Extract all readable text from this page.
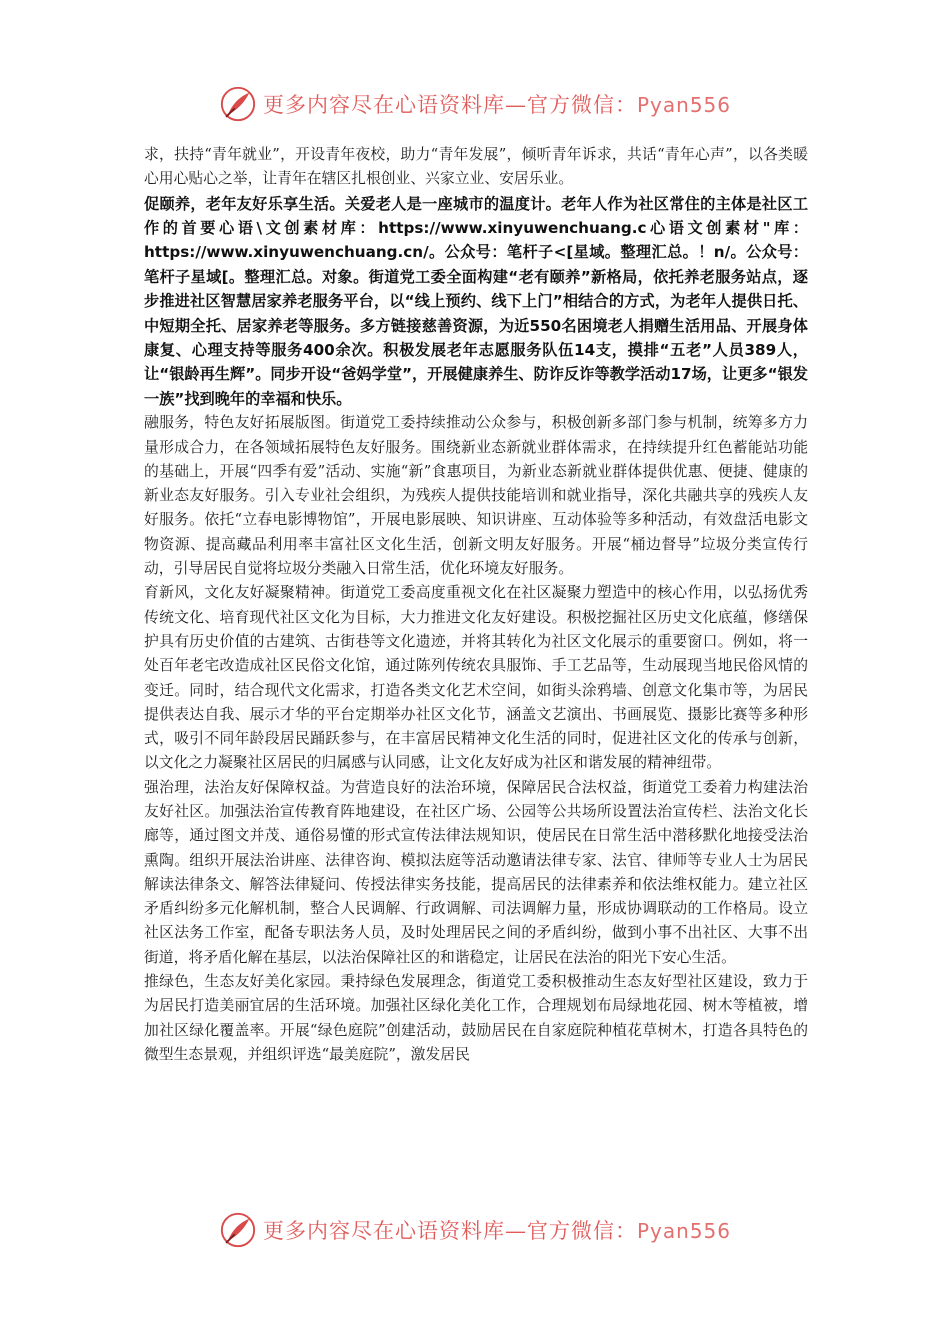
更多内容尽在心语资料库—官方微信：Pyan556

求，扶持“青年就业”，开设青年夜校，助力“青年发展”，倾听青年诉求，共话“青年心声”，以各类暖心用心贴心之举，让青年在辖区扎根创业、兴家立业、安居乐业。

促颐养，老年友好乐享生活。关爱老人是一座城市的温度计。老年人作为社区常住的主体是社区工作的首要心语\文创素材库：https://www.xinyuwenchuang.c心语文创素材"库：https://www.xinyuwenchuang.cn/。公众号：笔杆子<[星域。整理汇总。！n/。公众号：笔杆子星域[。整理汇总。对象。街道党工委全面构建“老有颐养”新格局，依托养老服务站点，逐步推进社区智慧居家养老服务平台，以“线上预约、线下上门”相结合的方式，为老年人提供日托、中短期全托、居家养老等服务。多方链接慈善资源，为近550名困境老人捐赠生活用品、开展身体康复、心理支持等服务400余次。积极发展老年志愿服务队伍14支，摸排“五老”人员389人，让“银龄再生辉”。同步开设“爸妈学堂”，开展健康养生、防诈反诈等教学活动17场，让更多“银发一族”找到晚年的幸福和快乐。

融服务，特色友好拓展版图。街道党工委持续推动公众参与，积极创新多部门参与机制，统筹多方力量形成合力，在各领域拓展特色友好服务。围绕新业态新就业群体需求，在持续提升红色蓄能站功能的基础上，开展“四季有爱”活动、实施“新”食惠项目，为新业态新就业群体提供优惠、便捷、健康的新业态友好服务。引入专业社会组织，为残疾人提供技能培训和就业指导，深化共融共享的残疾人友好服务。依托“立春电影博物馆”，开展电影展映、知识讲座、互动体验等多种活动，有效盘活电影文物资源、提高藏品利用率丰富社区文化生活，创新文明友好服务。开展“桶边督导”垃圾分类宣传行动，引导居民自觉将垃圾分类融入日常生活，优化环境友好服务。

育新风，文化友好凝聚精神。街道党工委高度重视文化在社区凝聚力塑造中的核心作用，以弘扬优秀传统文化、培育现代社区文化为目标，大力推进文化友好建设。积极挖掘社区历史文化底蕴，修缮保护具有历史价值的古建筑、古街巷等文化遗迹，并将其转化为社区文化展示的重要窗口。例如，将一处百年老宅改造成社区民俗文化馆，通过陈列传统农具服饰、手工艺品等，生动展现当地民俗风情的变迁。同时，结合现代文化需求，打造各类文化艺术空间，如街头涂鸦墙、创意文化集市等，为居民提供表达自我、展示才华的平台定期举办社区文化节，涵盖文艺演出、书画展览、摄影比赛等多种形式，吸引不同年龄段居民踊跃参与，在丰富居民精神文化生活的同时，促进社区文化的传承与创新，以文化之力凝聚社区居民的归属感与认同感，让文化友好成为社区和谐发展的精神纽带。

强治理，法治友好保障权益。为营造良好的法治环境，保障居民合法权益，街道党工委着力构建法治友好社区。加强法治宣传教育阵地建设，在社区广场、公园等公共场所设置法治宣传栏、法治文化长廊等，通过图文并茂、通俗易懂的形式宣传法律法规知识，使居民在日常生活中潜移默化地接受法治熏陶。组织开展法治讲座、法律咨询、模拟法庭等活动邀请法律专家、法官、律师等专业人士为居民解读法律条文、解答法律疑问、传授法律实务技能，提高居民的法律素养和依法维权能力。建立社区矛盾纠纷多元化解机制，整合人民调解、行政调解、司法调解力量，形成协调联动的工作格局。设立社区法务工作室，配备专职法务人员，及时处理居民之间的矛盾纠纷，做到小事不出社区、大事不出街道，将矛盾化解在基层，以法治保障社区的和谐稳定，让居民在法治的阳光下安心生活。

推绿色，生态友好美化家园。秉持绿色发展理念，街道党工委积极推动生态友好型社区建设，致力于为居民打造美丽宜居的生活环境。加强社区绿化美化工作，合理规划布局绿地花园、树木等植被，增加社区绿化覆盖率。开展“绿色庭院”创建活动，鼓励居民在自家庭院种植花草树木，打造各具特色的微型生态景观，并组织评选“最美庭院”，激发居民

更多内容尽在心语资料库—官方微信：Pyan556
